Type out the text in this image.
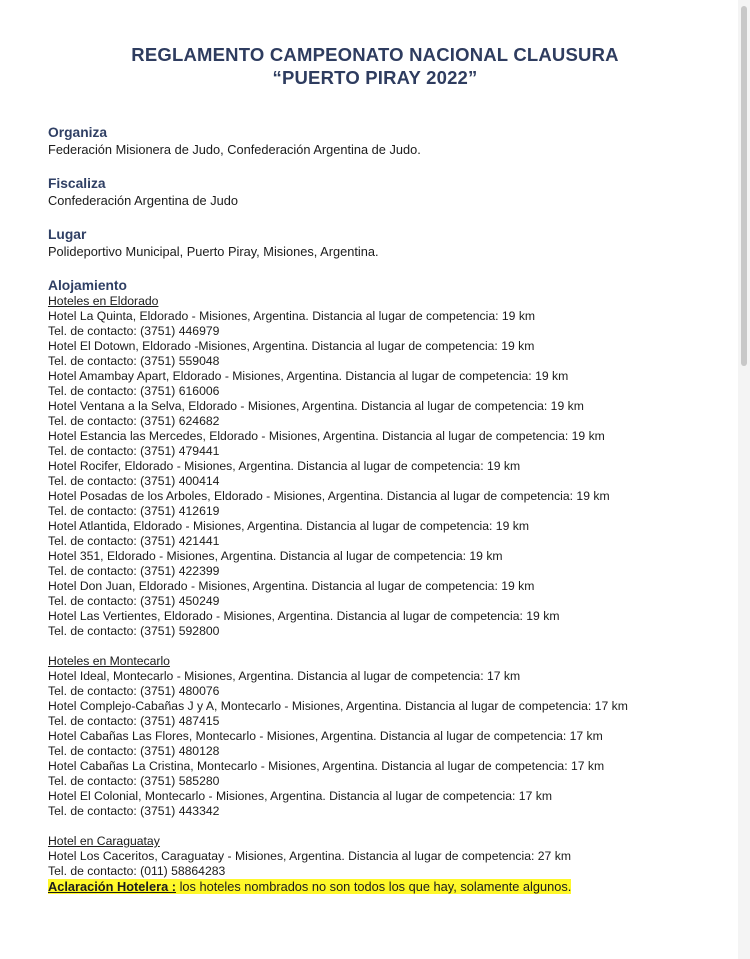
REGLAMENTO CAMPEONATO NACIONAL CLAUSURA
“PUERTO PIRAY 2022”

Organiza

Federación Misionera de Judo, Confederación Argentina de Judo.

Fiscaliza

Confederación Argentina de Judo

Lugar

Polideportivo Municipal, Puerto Piray, Misiones, Argentina.

Alojamiento

Hoteles en Eldorado

Hotel La Quinta, Eldorado - Misiones, Argentina. Distancia al lugar de competencia: 19 km

Tel. de contacto: (3751) 446979

Hotel El Dotown, Eldorado -Misiones, Argentina. Distancia al lugar de competencia: 19 km

Tel. de contacto: (3751) 559048

Hotel Amambay Apart, Eldorado - Misiones, Argentina. Distancia al lugar de competencia: 19 km

Tel. de contacto: (3751) 616006

Hotel Ventana a la Selva, Eldorado - Misiones, Argentina. Distancia al lugar de competencia: 19 km

Tel. de contacto: (3751) 624682

Hotel Estancia las Mercedes, Eldorado - Misiones, Argentina. Distancia al lugar de competencia: 19 km

Tel. de contacto: (3751) 479441

Hotel Rocifer, Eldorado - Misiones, Argentina. Distancia al lugar de competencia: 19 km

Tel. de contacto: (3751) 400414

Hotel Posadas de los Arboles, Eldorado - Misiones, Argentina. Distancia al lugar de competencia: 19 km

Tel. de contacto: (3751) 412619

Hotel Atlantida, Eldorado - Misiones, Argentina. Distancia al lugar de competencia: 19 km

Tel. de contacto: (3751) 421441

Hotel 351, Eldorado - Misiones, Argentina. Distancia al lugar de competencia: 19 km

Tel. de contacto: (3751) 422399

Hotel Don Juan, Eldorado - Misiones, Argentina. Distancia al lugar de competencia: 19 km

Tel. de contacto: (3751) 450249

Hotel Las Vertientes, Eldorado - Misiones, Argentina. Distancia al lugar de competencia: 19 km

Tel. de contacto: (3751) 592800

Hoteles en Montecarlo

Hotel Ideal, Montecarlo - Misiones, Argentina. Distancia al lugar de competencia: 17 km

Tel. de contacto: (3751) 480076

Hotel Complejo-Cabañas J y A, Montecarlo - Misiones, Argentina. Distancia al lugar de competencia: 17 km

Tel. de contacto: (3751) 487415

Hotel Cabañas Las Flores, Montecarlo - Misiones, Argentina. Distancia al lugar de competencia: 17 km

Tel. de contacto: (3751) 480128

Hotel Cabañas La Cristina, Montecarlo - Misiones, Argentina. Distancia al lugar de competencia: 17 km

Tel. de contacto: (3751) 585280

Hotel El Colonial, Montecarlo - Misiones, Argentina. Distancia al lugar de competencia: 17 km

Tel. de contacto: (3751) 443342

Hotel en Caraguatay

Hotel Los Caceritos, Caraguatay - Misiones, Argentina. Distancia al lugar de competencia: 27 km

Tel. de contacto: (011) 58864283

Aclaración Hotelera : los hoteles nombrados no son todos los que hay, solamente algunos.
